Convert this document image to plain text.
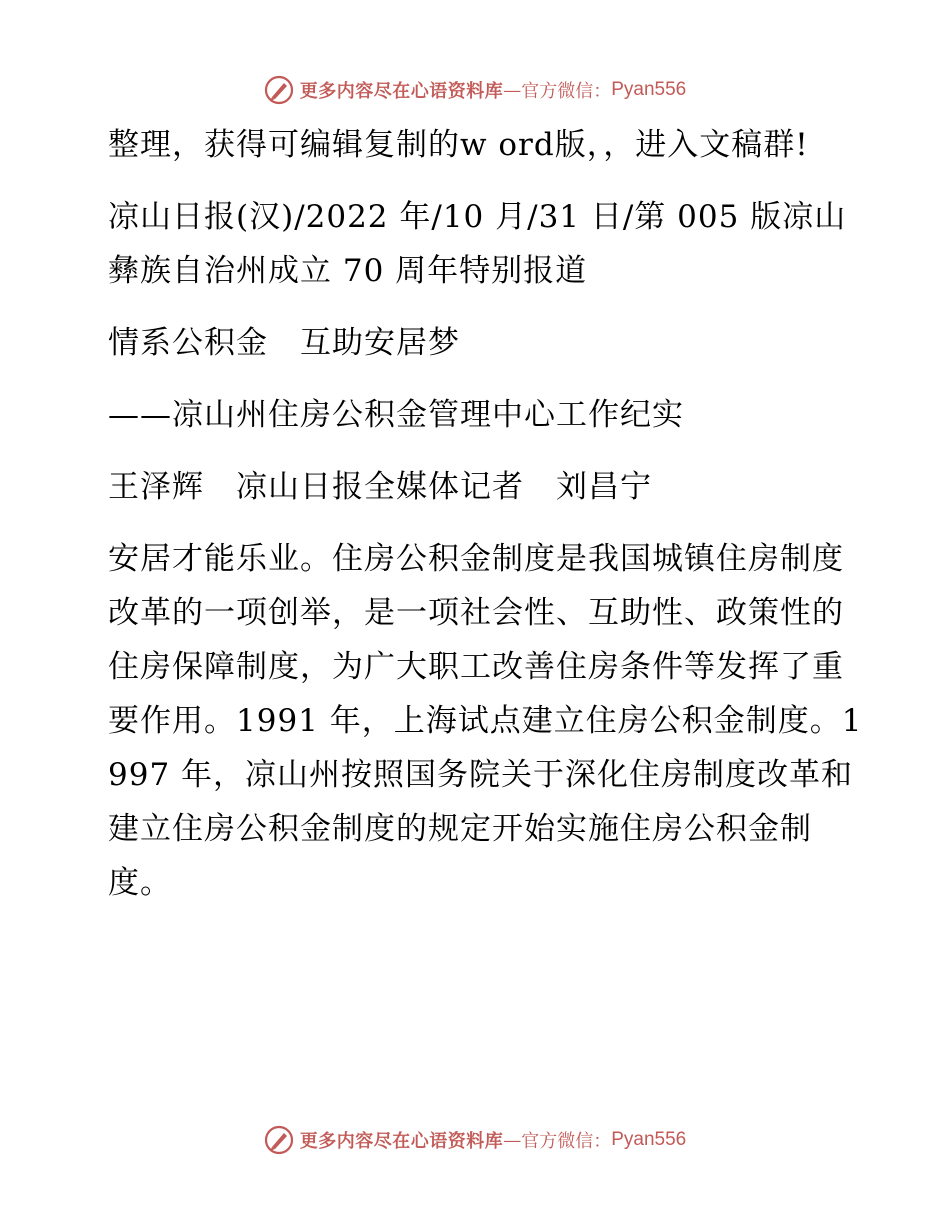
更多内容尽在心语资料库 — 官方微信： Pyan556

整理，获得可编辑复制的w ord版，，进入文稿群!

凉山日报(汉)/2022 年/10 月/31 日/第 005 版凉山彝族自治州成立 70 周年特别报道

情系公积金　互助安居梦

——凉山州住房公积金管理中心工作纪实

王泽辉　凉山日报全媒体记者　刘昌宁

安居才能乐业。住房公积金制度是我国城镇住房制度改革的一项创举，是一项社会性、互助性、政策性的住房保障制度，为广大职工改善住房条件等发挥了重要作用。1991 年，上海试点建立住房公积金制度。1997 年，凉山州按照国务院关于深化住房制度改革和建立住房公积金制度的规定开始实施住房公积金制度。

更多内容尽在心语资料库 — 官方微信： Pyan556
